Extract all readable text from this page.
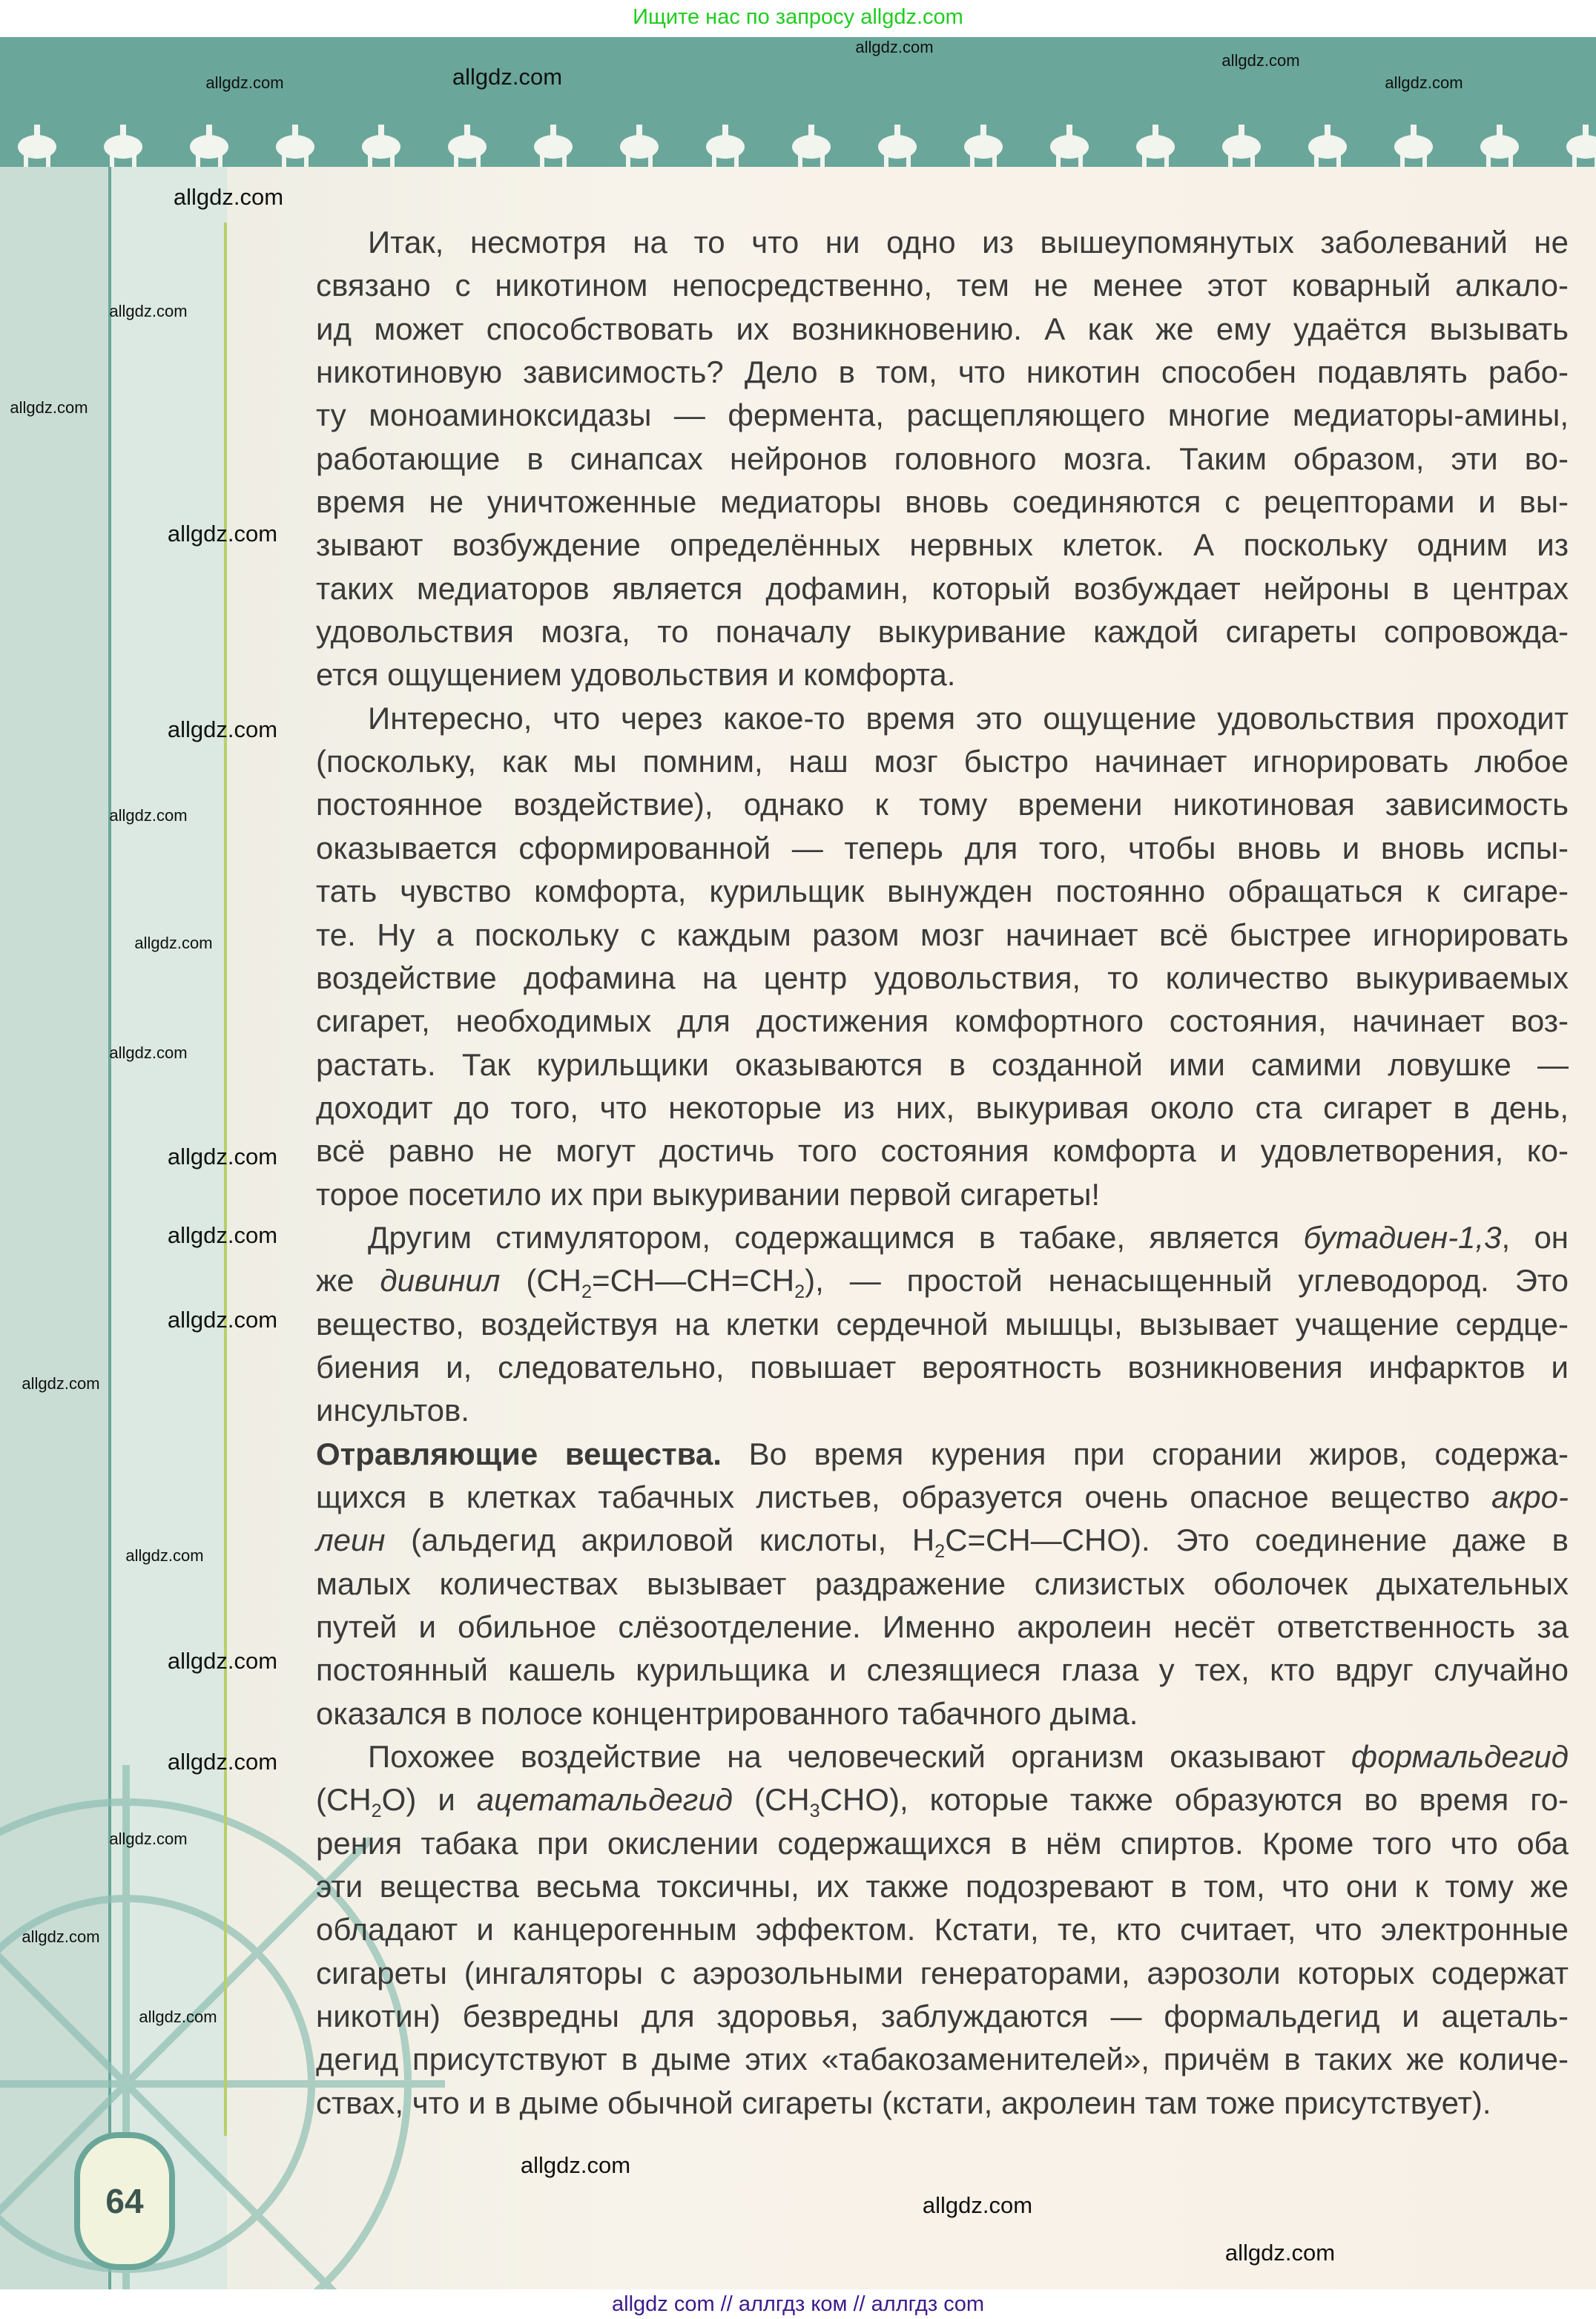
Ищите нас по запросу allgdz.com
64
Итак, несмотря на то что ни одно из вышеупомянутых заболеваний не
связано с никотином непосредственно, тем не менее этот коварный алкало-
ид может способствовать их возникновению. А как же ему удаётся вызывать
никотиновую зависимость? Дело в том, что никотин способен подавлять рабо-
ту моноаминоксидазы — фермента, расщепляющего многие медиаторы-амины,
работающие в синапсах нейронов головного мозга. Таким образом, эти во-
время не уничтоженные медиаторы вновь соединяются с рецепторами и вы-
зывают возбуждение определённых нервных клеток. А поскольку одним из
таких медиаторов является дофамин, который возбуждает нейроны в центрах
удовольствия мозга, то поначалу выкуривание каждой сигареты сопровожда-
ется ощущением удовольствия и комфорта.
Интересно, что через какое-то время это ощущение удовольствия проходит
(поскольку, как мы помним, наш мозг быстро начинает игнорировать любое
постоянное воздействие), однако к тому времени никотиновая зависимость
оказывается сформированной — теперь для того, чтобы вновь и вновь испы-
тать чувство комфорта, курильщик вынужден постоянно обращаться к сигаре-
те. Ну а поскольку с каждым разом мозг начинает всё быстрее игнорировать
воздействие дофамина на центр удовольствия, то количество выкуриваемых
сигарет, необходимых для достижения комфортного состояния, начинает воз-
растать. Так курильщики оказываются в созданной ими самими ловушке —
доходит до того, что некоторые из них, выкуривая около ста сигарет в день,
всё равно не могут достичь того состояния комфорта и удовлетворения, ко-
торое посетило их при выкуривании первой сигареты!
Другим стимулятором, содержащимся в табаке, является бутадиен-1,3, он
же дивинил $(CH_2=CH—CH=CH_2)$, — простой ненасыщенный углеводород. Это
вещество, воздействуя на клетки сердечной мышцы, вызывает учащение сердце-
биения и, следовательно, повышает вероятность возникновения инфарктов и
инсультов.
Отравляющие вещества. Во время курения при сгорании жиров, содержа-
щихся в клетках табачных листьев, образуется очень опасное вещество акро-
леин (альдегид акриловой кислоты, $H_2C=CH—CHO$). Это соединение даже в
малых количествах вызывает раздражение слизистых оболочек дыхательных
путей и обильное слёзоотделение. Именно акролеин несёт ответственность за
постоянный кашель курильщика и слезящиеся глаза у тех, кто вдруг случайно
оказался в полосе концентрированного табачного дыма.
Похожее воздействие на человеческий организм оказывают формальдегид
$(CH_2O)$ и ацетатальдегид $(CH_3CHO)$, которые также образуются во время го-
рения табака при окислении содержащихся в нём спиртов. Кроме того что оба
эти вещества весьма токсичны, их также подозревают в том, что они к тому же
обладают и канцерогенным эффектом. Кстати, те, кто считает, что электронные
сигареты (ингаляторы с аэрозольными генераторами, аэрозоли которых содержат
никотин) безвредны для здоровья, заблуждаются — формальдегид и ацеталь-
дегид присутствуют в дыме этих «табакозаменителей», причём в таких же количе-
ствах, что и в дыме обычной сигареты (кстати, акролеин там тоже присутствует).
allgdz.com
allgdz.com
allgdz.com
allgdz.com
allgdz.com
allgdz.com
allgdz.com
allgdz.com
allgdz.com
allgdz.com
allgdz.com
allgdz.com
allgdz.com
allgdz.com
allgdz.com
allgdz.com
allgdz.com
allgdz.com
allgdz.com
allgdz.com
allgdz.com
allgdz.com
allgdz.com
allgdz.com
allgdz.com
allgdz.com
allgdz com // аллгдз ком // аллгдз com
